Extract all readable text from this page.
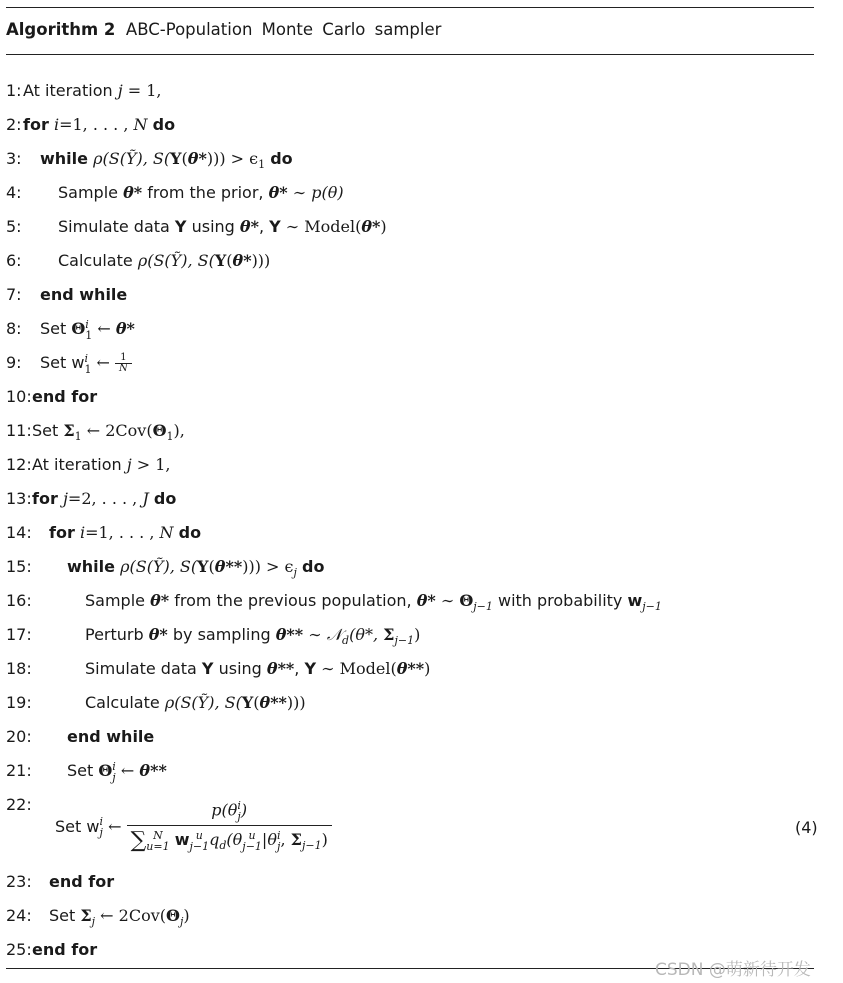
Algorithm 2 ABC-Population Monte Carlo sampler
1: At iteration j = 1,
2: for i=1, . . . , N do
3: while ρ(S(Ỹ), $S(Y(\theta*))) > \epsilon_1$ do
4: Sample θ* from the prior, θ* ∼ p(θ)
5: Simulate data Y using θ*, Y ∼ Model(θ*)
6: Calculate ρ(S(Ỹ), S(Y(θ*)))
7: end while
8: Set Θ i
1 ← θ*
9: Set w i
1 ← $\frac{1}{N}$
10: end for
11: Set $\Sigma_1$ ← $2Cov(\Theta_1)$,
12: At iteration j > 1,
13: for j=2, . . . , J do
14: for i=1, . . . , N do
15: while ρ(S(Ỹ), $S(Y(\theta**))) > \epsilon_j$ do
16:	Sample θ* from the previous population, θ* ∼ $\Theta_{j-1}$ with probability $w_{j-1}$
17:	Perturb θ* by sampling θ** ∼ 𝒩$_d$(θ*, $\Sigma_{j-1}$)
18:	Simulate data Y using θ**, Y ∼ Model(θ**)
19:	Calculate ρ(S(Ỹ), S(Y(θ**)))
20: end while
21: Set Θ i
j ← θ**
22:
Set w i
j ← p(θ i
j )
∑ N
u=1 w u
j−1 $q_d(\theta$ u
j−1 |θ i
j , $\Sigma_{j-1}$)	(4)
23: end for
24: Set $\Sigma_j$ ← $2Cov(\Theta_j)$
25: end for
CSDN @萌新待开发
